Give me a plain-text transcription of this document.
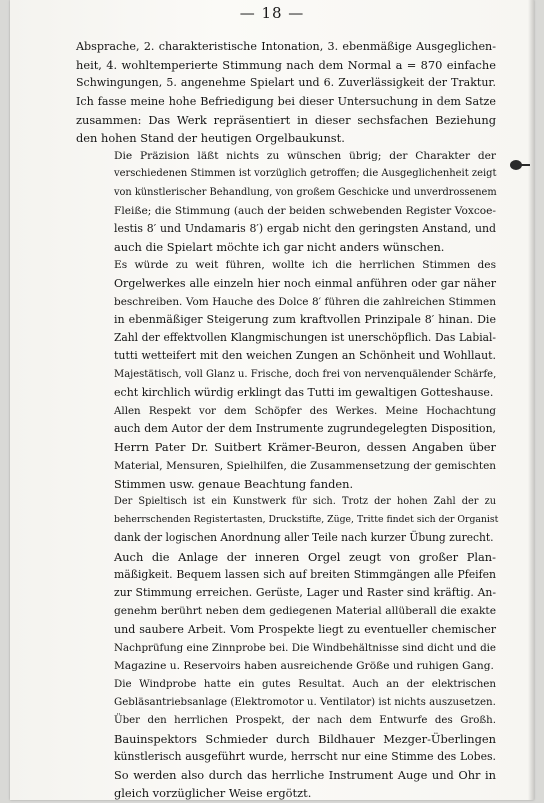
— 18 —

Absprache, 2. charakteristische Intonation, 3. ebenmäßige Ausgeglichen-
heit, 4. wohltemperierte Stimmung nach dem Normal a = 870 einfache
Schwingungen, 5. angenehme Spielart und 6. Zuverlässigkeit der Traktur.
Ich fasse meine hohe Befriedigung bei dieser Untersuchung in dem Satze
zusammen: Das Werk repräsentiert in dieser sechsfachen Beziehung
den hohen Stand der heutigen Orgelbaukunst.

Die Präzision läßt nichts zu wünschen übrig; der Charakter der
verschiedenen Stimmen ist vorzüglich getroffen; die Ausgeglichenheit zeigt
von künstlerischer Behandlung, von großem Geschicke und unverdrossenem
Fleiße; die Stimmung (auch der beiden schwebenden Register Voxcoe-
lestis 8′ und Undamaris 8′) ergab nicht den geringsten Anstand, und
auch die Spielart möchte ich gar nicht anders wünschen.

Es würde zu weit führen, wollte ich die herrlichen Stimmen des
Orgelwerkes alle einzeln hier noch einmal anführen oder gar näher
beschreiben. Vom Hauche des Dolce 8′ führen die zahlreichen Stimmen
in ebenmäßiger Steigerung zum kraftvollen Prinzipale 8′ hinan. Die
Zahl der effektvollen Klangmischungen ist unerschöpflich. Das Labial-
tutti wetteifert mit den weichen Zungen an Schönheit und Wohllaut.
Majestätisch, voll Glanz u. Frische, doch frei von nervenquälender Schärfe,
echt kirchlich würdig erklingt das Tutti im gewaltigen Gotteshause.

Allen Respekt vor dem Schöpfer des Werkes. Meine Hochachtung
auch dem Autor der dem Instrumente zugrundegelegten Disposition,
Herrn Pater Dr. Suitbert Krämer-Beuron, dessen Angaben über
Material, Mensuren, Spielhilfen, die Zusammensetzung der gemischten
Stimmen usw. genaue Beachtung fanden.

Der Spieltisch ist ein Kunstwerk für sich. Trotz der hohen Zahl der zu
beherrschenden Registertasten, Druckstifte, Züge, Tritte findet sich der Organist
dank der logischen Anordnung aller Teile nach kurzer Übung zurecht.

Auch die Anlage der inneren Orgel zeugt von großer Plan-
mäßigkeit. Bequem lassen sich auf breiten Stimmgängen alle Pfeifen
zur Stimmung erreichen. Gerüste, Lager und Raster sind kräftig. An-
genehm berührt neben dem gediegenen Material allüberall die exakte
und saubere Arbeit. Vom Prospekte liegt zu eventueller chemischer
Nachprüfung eine Zinnprobe bei. Die Windbehältnisse sind dicht und die
Magazine u. Reservoirs haben ausreichende Größe und ruhigen Gang.

Die Windprobe hatte ein gutes Resultat. Auch an der elektrischen
Gebläsantriebsanlage (Elektromotor u. Ventilator) ist nichts auszusetzen.

Über den herrlichen Prospekt, der nach dem Entwurfe des Großh.
Bauinspektors Schmieder durch Bildhauer Mezger-Überlingen
künstlerisch ausgeführt wurde, herrscht nur eine Stimme des Lobes.
So werden also durch das herrliche Instrument Auge und Ohr in
gleich vorzüglicher Weise ergötzt.
